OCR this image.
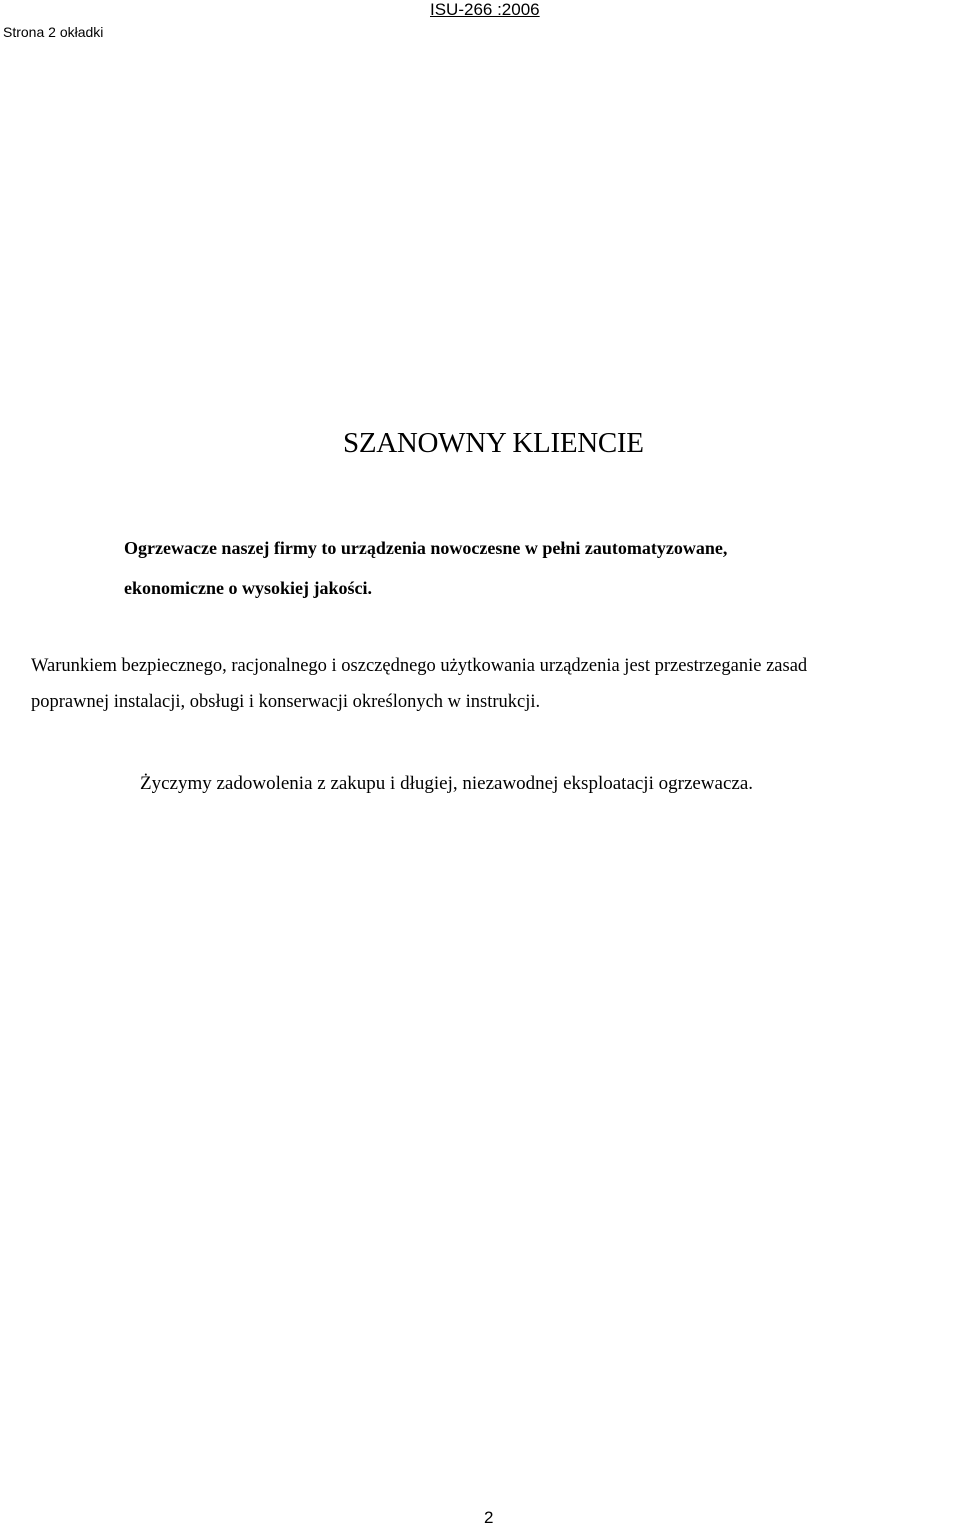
Strona 2 okładki
ISU-266 :2006
SZANOWNY KLIENCIE
Ogrzewacze naszej firmy to urządzenia nowoczesne w pełni zautomatyzowane,
ekonomiczne o wysokiej jakości.
Warunkiem bezpiecznego, racjonalnego i oszczędnego użytkowania urządzenia jest przestrzeganie zasad
poprawnej instalacji, obsługi i konserwacji określonych w instrukcji.
Życzymy zadowolenia z zakupu i długiej, niezawodnej eksploatacji ogrzewacza.
2
